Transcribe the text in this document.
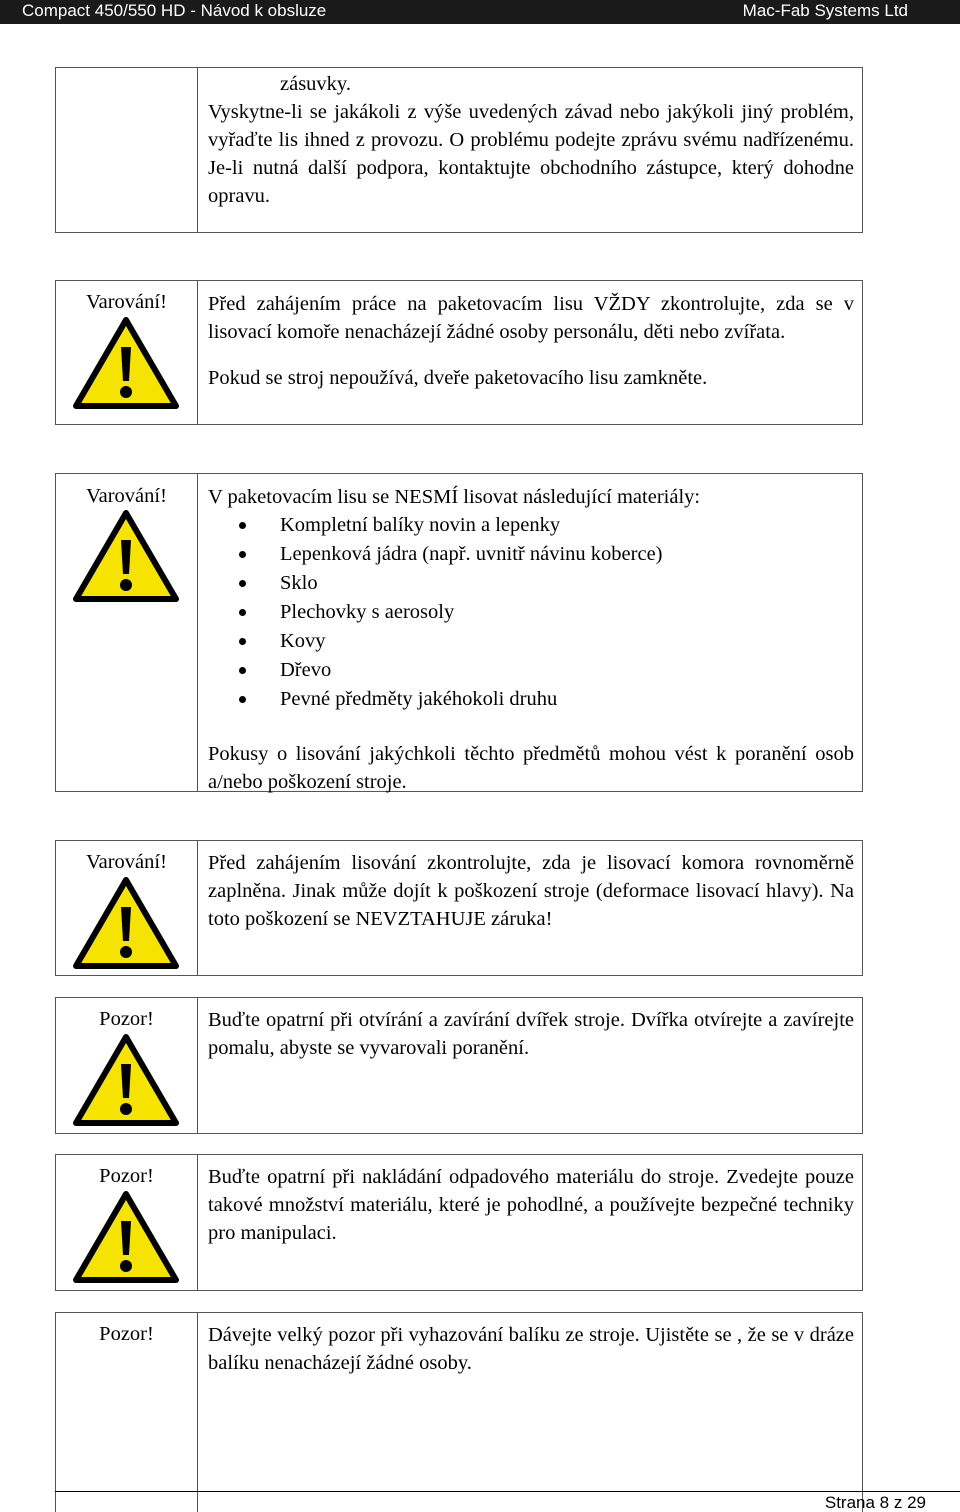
Compact 450/550 HD - Návod k obsluze	Mac-Fab Systems Ltd

zásuvky.

Vyskytne-li se jakákoli z výše uvedených závad nebo jakýkoli jiný problém, vyřaďte lis ihned z provozu. O problému podejte zprávu svému nadřízenému. Je-li nutná další podpora, kontaktujte obchodního zástupce, který dohodne opravu.

Varování!	Před zahájením práce na paketovacím lisu VŽDY zkontrolujte, zda se v lisovací komoře nenacházejí žádné osoby personálu, děti nebo zvířata.

Pokud se stroj nepoužívá, dveře paketovacího lisu zamkněte.

Varování!	V paketovacím lisu se NESMÍ lisovat následující materiály:

Kompletní balíky novin a lepenky
Lepenková jádra (např. uvnitř návinu koberce)
Sklo
Plechovky s aerosoly
Kovy
Dřevo
Pevné předměty jakéhokoli druhu

Pokusy o lisování jakýchkoli těchto předmětů mohou vést k poranění osob a/nebo poškození stroje.

Varování!	Před zahájením lisování zkontrolujte, zda je lisovací komora rovnoměrně zaplněna. Jinak může dojít k poškození stroje (deformace lisovací hlavy). Na toto poškození se NEVZTAHUJE záruka!

Pozor!	Buďte opatrní při otvírání a zavírání dvířek stroje. Dvířka otvírejte a zavírejte pomalu, abyste se vyvarovali poranění.

Pozor!	Buďte opatrní při nakládání odpadového materiálu do stroje. Zvedejte pouze takové množství materiálu, které je pohodlné, a používejte bezpečné techniky pro manipulaci.

Pozor!	Dávejte velký pozor při vyhazování balíku ze stroje. Ujistěte se , že se v dráze balíku nenacházejí žádné osoby.

Strana 8 z 29
